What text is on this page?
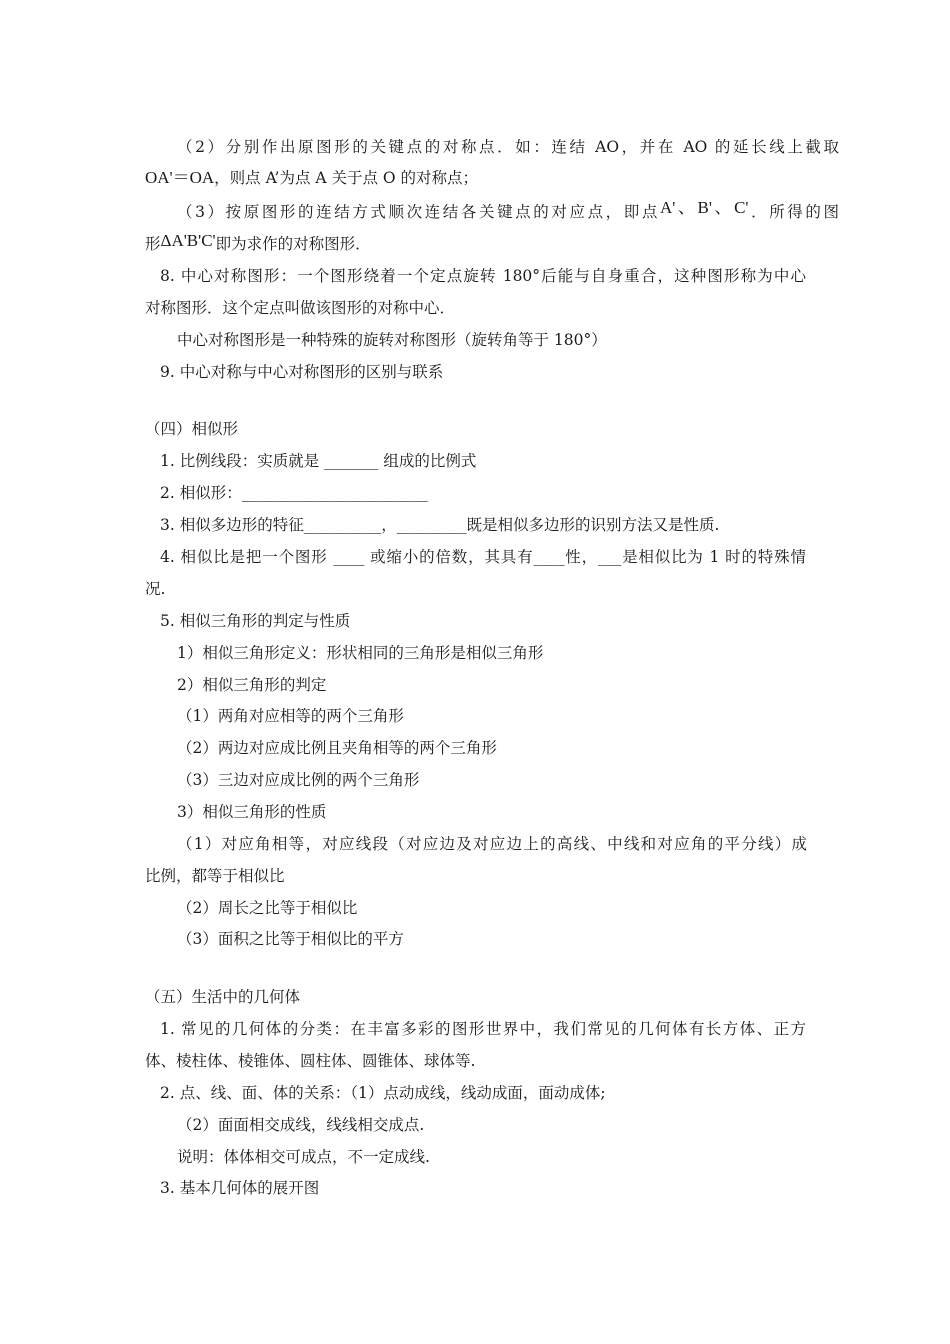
（2）分别作出原图形的关键点的对称点．如：连结 AO，并在 AO 的延长线上截取
OA'＝OA，则点 A’为点 A 关于点 O 的对称点；
（3）按原图形的连结方式顺次连结各关键点的对应点，即点A'、B'、C'．所得的图
形ΔA'B'C'即为求作的对称图形．
8. 中心对称图形：一个图形绕着一个定点旋转 180°后能与自身重合，这种图形称为中心
对称图形．这个定点叫做该图形的对称中心．
中心对称图形是一种特殊的旋转对称图形（旋转角等于 180°）
9. 中心对称与中心对称图形的区别与联系
（四）相似形
1. 比例线段：实质就是 _______ 组成的比例式
2. 相似形：________________________
3. 相似多边形的特征__________，_________既是相似多边形的识别方法又是性质.
4. 相似比是把一个图形 ____ 或缩小的倍数，其具有____性，___是相似比为 1 时的特殊情
况.
5. 相似三角形的判定与性质
1）相似三角形定义：形状相同的三角形是相似三角形
2）相似三角形的判定
（1）两角对应相等的两个三角形
（2）两边对应成比例且夹角相等的两个三角形
（3）三边对应成比例的两个三角形
3）相似三角形的性质
（1）对应角相等，对应线段（对应边及对应边上的高线、中线和对应角的平分线）成
比例，都等于相似比
（2）周长之比等于相似比
（3）面积之比等于相似比的平方
（五）生活中的几何体
1. 常见的几何体的分类：在丰富多彩的图形世界中，我们常见的几何体有长方体、正方
体、棱柱体、棱锥体、圆柱体、圆锥体、球体等.
2. 点、线、面、体的关系：（1）点动成线，线动成面，面动成体;
（2）面面相交成线，线线相交成点.
说明：体体相交可成点，不一定成线.
3. 基本几何体的展开图
